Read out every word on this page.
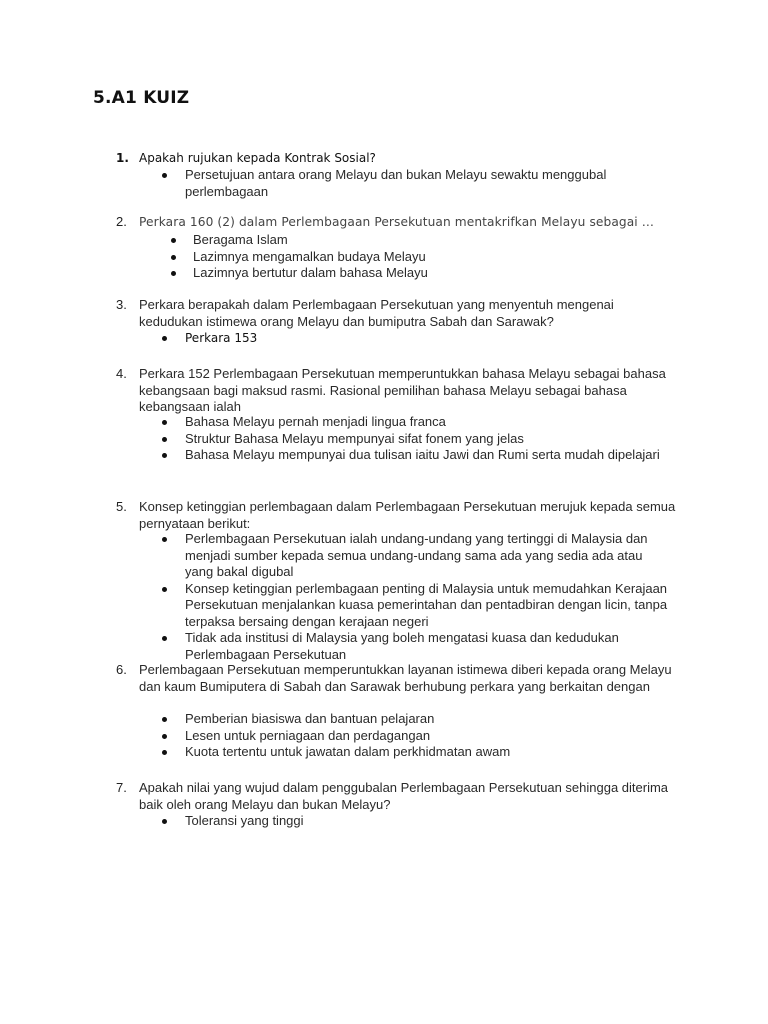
5.A1 KUIZ
1. Apakah rujukan kepada Kontrak Sosial?
Persetujuan antara orang Melayu dan bukan Melayu sewaktu menggubal perlembagaan
2. Perkara 160 (2) dalam Perlembagaan Persekutuan mentakrifkan Melayu sebagai …
Beragama Islam
Lazimnya mengamalkan budaya Melayu
Lazimnya bertutur dalam bahasa Melayu
3. Perkara berapakah dalam Perlembagaan Persekutuan yang menyentuh mengenai kedudukan istimewa orang Melayu dan bumiputra Sabah dan Sarawak?
Perkara 153
4. Perkara 152 Perlembagaan Persekutuan memperuntukkan bahasa Melayu sebagai bahasa kebangsaan bagi maksud rasmi. Rasional pemilihan bahasa Melayu sebagai bahasa kebangsaan ialah
Bahasa Melayu pernah menjadi lingua franca
Struktur Bahasa Melayu mempunyai sifat fonem yang jelas
Bahasa Melayu mempunyai dua tulisan iaitu Jawi dan Rumi serta mudah dipelajari
5. Konsep ketinggian perlembagaan dalam Perlembagaan Persekutuan merujuk kepada semua pernyataan berikut:
Perlembagaan Persekutuan ialah undang-undang yang tertinggi di Malaysia dan menjadi sumber kepada semua undang-undang sama ada yang sedia ada atau yang bakal digubal
Konsep ketinggian perlembagaan penting di Malaysia untuk memudahkan Kerajaan Persekutuan menjalankan kuasa pemerintahan dan pentadbiran dengan licin, tanpa terpaksa bersaing dengan kerajaan negeri
Tidak ada institusi di Malaysia yang boleh mengatasi kuasa dan kedudukan Perlembagaan Persekutuan
6. Perlembagaan Persekutuan memperuntukkan layanan istimewa diberi kepada orang Melayu dan kaum Bumiputera di Sabah dan Sarawak berhubung perkara yang berkaitan dengan
Pemberian biasiswa dan bantuan pelajaran
Lesen untuk perniagaan dan perdagangan
Kuota tertentu untuk jawatan dalam perkhidmatan awam
7. Apakah nilai yang wujud dalam penggubalan Perlembagaan Persekutuan sehingga diterima baik oleh orang Melayu dan bukan Melayu?
Toleransi yang tinggi
